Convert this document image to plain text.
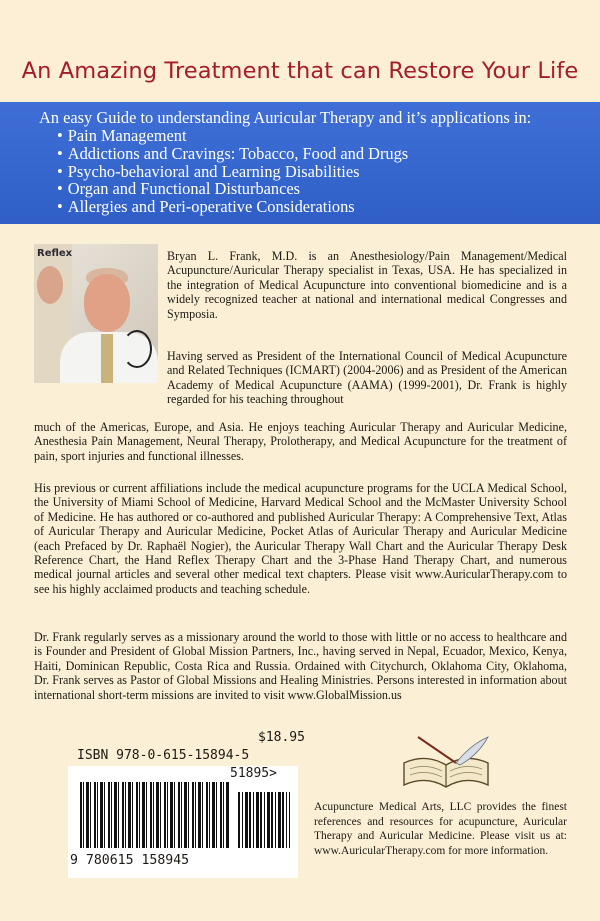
An Amazing Treatment that can Restore Your Life
An easy Guide to understanding Auricular Therapy and it’s applications in:
• Pain Management
• Addictions and Cravings: Tobacco, Food and Drugs
• Psycho-behavioral and Learning Disabilities
• Organ and Functional Disturbances
• Allergies and Peri-operative Considerations
Reflex	Bryan L. Frank, M.D. is an Anesthesiology/Pain Management/Medical Acupuncture/Auricular Therapy specialist in Texas, USA. He has specialized in the integration of Medical Acupuncture into conventional biomedicine and is a widely recognized teacher at national and international medical Congresses and Symposia.
Having served as President of the International Council of Medical Acupuncture and Related Techniques (ICMART) (2004-2006) and as President of the American Academy of Medical Acupuncture (AAMA) (1999-2001), Dr. Frank is highly regarded for his teaching throughout
much of the Americas, Europe, and Asia. He enjoys teaching Auricular Therapy and Auricular Medicine, Anesthesia Pain Management, Neural Therapy, Prolotherapy, and Medical Acupuncture for the treatment of pain, sport injuries and functional illnesses.
His previous or current affiliations include the medical acupuncture programs for the UCLA Medical School, the University of Miami School of Medicine, Harvard Medical School and the McMaster University School of Medicine. He has authored or co-authored and published Auricular Therapy: A Comprehensive Text, Atlas of Auricular Therapy and Auricular Medicine, Pocket Atlas of Auricular Therapy and Auricular Medicine (each Prefaced by Dr. Raphaël Nogier), the Auricular Therapy Wall Chart and the Auricular Therapy Desk Reference Chart, the Hand Reflex Therapy Chart and the 3-Phase Hand Therapy Chart, and numerous medical journal articles and several other medical text chapters. Please visit www.AuricularTherapy.com to see his highly acclaimed products and teaching schedule.
Dr. Frank regularly serves as a missionary around the world to those with little or no access to healthcare and is Founder and President of Global Mission Partners, Inc., having served in Nepal, Ecuador, Mexico, Kenya, Haiti, Dominican Republic, Costa Rica and Russia. Ordained with Citychurch, Oklahoma City, Oklahoma, Dr. Frank serves as Pastor of Global Missions and Healing Ministries. Persons interested in information about international short-term missions are invited to visit www.GlobalMission.us
$18.95
ISBN 978-0-615-15894-5
9 780615 158945
51895>
Acupuncture Medical Arts, LLC provides the finest references and resources for acupuncture, Auricular Therapy and Auricular Medicine. Please visit us at: www.AuricularTherapy.com for more information.
